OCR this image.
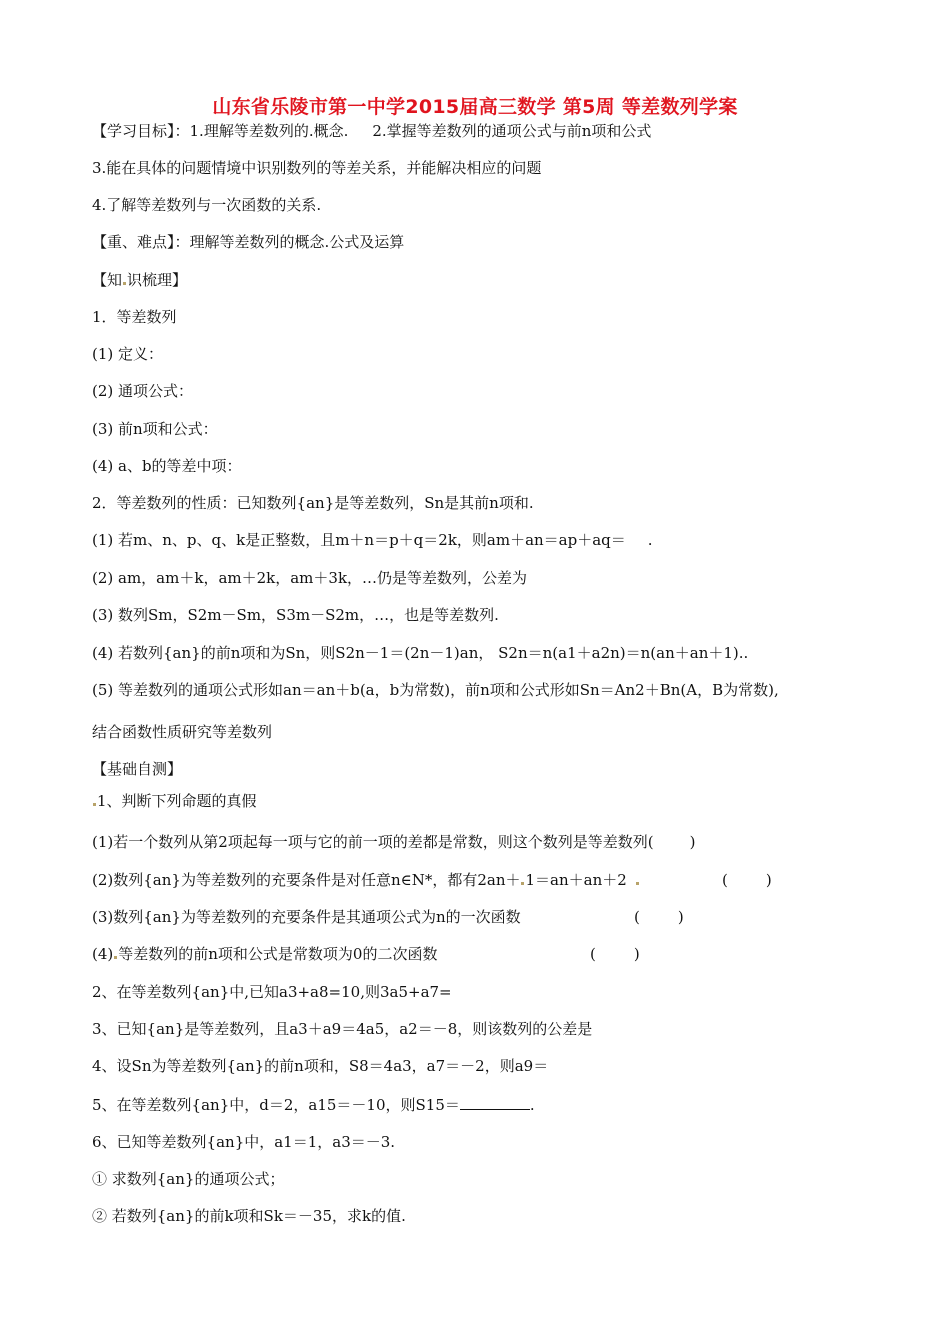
山东省乐陵市第一中学2015届高三数学 第5周 等差数列学案
【学习目标】：1.理解等差数列的.概念. 2.掌握等差数列的通项公式与前n项和公式
3.能在具体的问题情境中识别数列的等差关系，并能解决相应的问题
4.了解等差数列与一次函数的关系.
【重、难点】：理解等差数列的概念.公式及运算
【知 识梳理】
1．等差数列
(1) 定义：
(2) 通项公式：
(3) 前n项和公式：
(4) a、b的等差中项：
2．等差数列的性质：已知数列{an}是等差数列，Sn是其前n项和.
(1) 若m、n、p、q、k是正整数，且m＋n＝p＋q＝2k，则am＋an＝ap＋aq＝ .
(2) am，am＋k，am＋2k，am＋3k，…仍是等差数列，公差为
(3) 数列Sm，S2m－Sm，S3m－S2m，…，也是等差数列.
(4) 若数列{an}的前n项和为Sn，则S2n－1＝(2n－1)an， S2n＝n(a1＋a2n)＝n(an＋an＋1)..
(5) 等差数列的通项公式形如an＝an＋b(a，b为常数)，前n项和公式形如Sn＝An2＋Bn(A，B为常数),
结合函数性质研究等差数列
【基础自测】
1、判断下列命题的真假
(1)若一个数列从第2项起每一项与它的前一项的差都是常数，则这个数列是等差数列( )
(2)数列{an}为等差数列的充要条件是对任意n∈N*，都有2an＋ 1＝an＋an＋2	(	)
(3)数列{an}为等差数列的充要条件是其通项公式为n的一次函数	(	)
(4) 等差数列的前n项和公式是常数项为0的二次函数	(	)
2、在等差数列{an}中,已知a3+a8=10,则3a5+a7=
3、已知{an}是等差数列，且a3＋a9＝4a5，a2＝－8，则该数列的公差是
4、设Sn为等差数列{an}的前n项和，S8＝4a3，a7＝－2，则a9＝
5、在等差数列{an}中，d＝2，a15＝－10，则S15＝	.
6、已知等差数列{an}中，a1＝1，a3＝－3.
① 求数列{an}的通项公式；
② 若数列{an}的前k项和Sk＝－35，求k的值.
